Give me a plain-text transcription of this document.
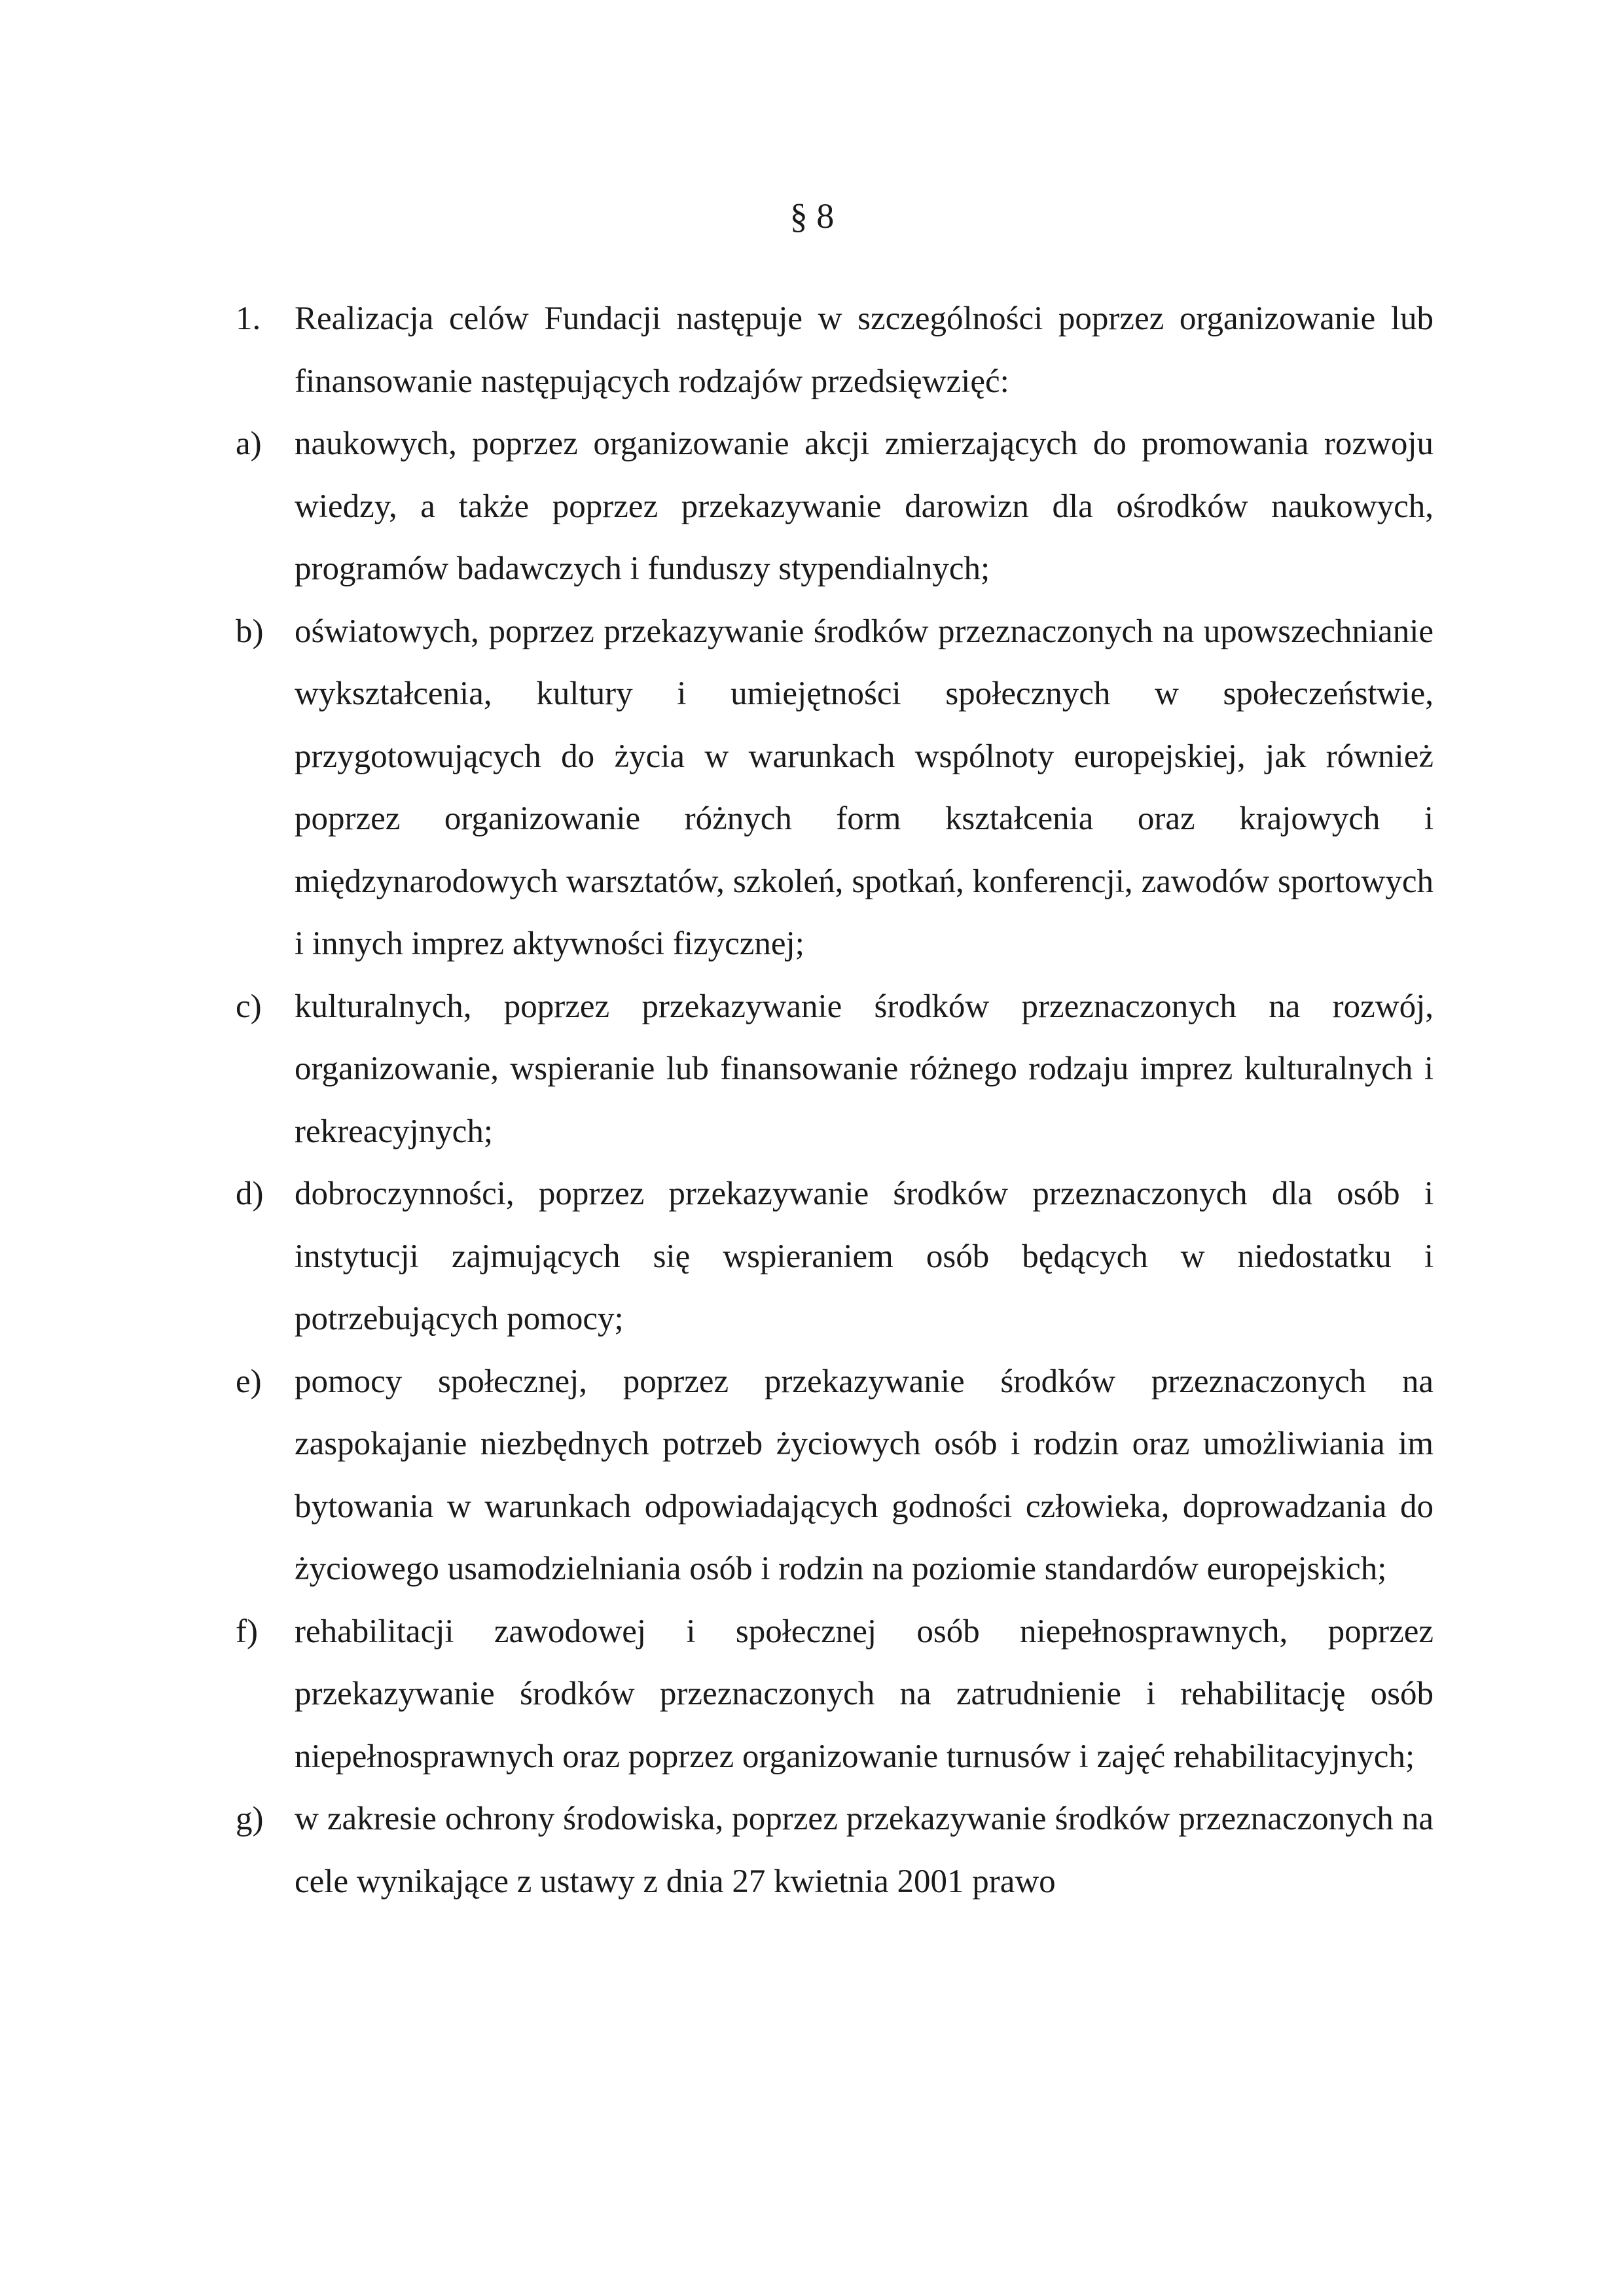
§ 8
1.	Realizacja celów Fundacji następuje w szczególności poprzez organizowanie lub finansowanie następujących rodzajów przedsięwzięć:
a) naukowych, poprzez organizowanie akcji zmierzających do promowania rozwoju wiedzy, a także poprzez przekazywanie darowizn dla ośrodków naukowych, programów badawczych i funduszy stypendialnych;
b) oświatowych, poprzez przekazywanie środków przeznaczonych na upowszechnianie wykształcenia, kultury i umiejętności społecznych w społeczeństwie, przygotowujących do życia w warunkach wspólnoty europejskiej, jak również poprzez organizowanie różnych form kształcenia oraz krajowych i międzynarodowych warsztatów, szkoleń, spotkań, konferencji, zawodów sportowych i innych imprez aktywności fizycznej;
c) kulturalnych, poprzez przekazywanie środków przeznaczonych na rozwój, organizowanie, wspieranie lub finansowanie różnego rodzaju imprez kulturalnych i rekreacyjnych;
d) dobroczynności, poprzez przekazywanie środków przeznaczonych dla osób i instytucji zajmujących się wspieraniem osób będących w niedostatku i potrzebujących pomocy;
e) pomocy społecznej, poprzez przekazywanie środków przeznaczonych na zaspokajanie niezbędnych potrzeb życiowych osób i rodzin oraz umożliwiania im bytowania w warunkach odpowiadających godności człowieka, doprowadzania do życiowego usamodzielniania osób i rodzin na poziomie standardów europejskich;
f)	rehabilitacji zawodowej i społecznej osób niepełnosprawnych, poprzez przekazywanie środków przeznaczonych na zatrudnienie i rehabilitację osób niepełnosprawnych oraz poprzez organizowanie turnusów i zajęć rehabilitacyjnych;
g) w zakresie ochrony środowiska, poprzez przekazywanie środków przeznaczonych na cele wynikające z ustawy z dnia 27 kwietnia 2001 prawo
